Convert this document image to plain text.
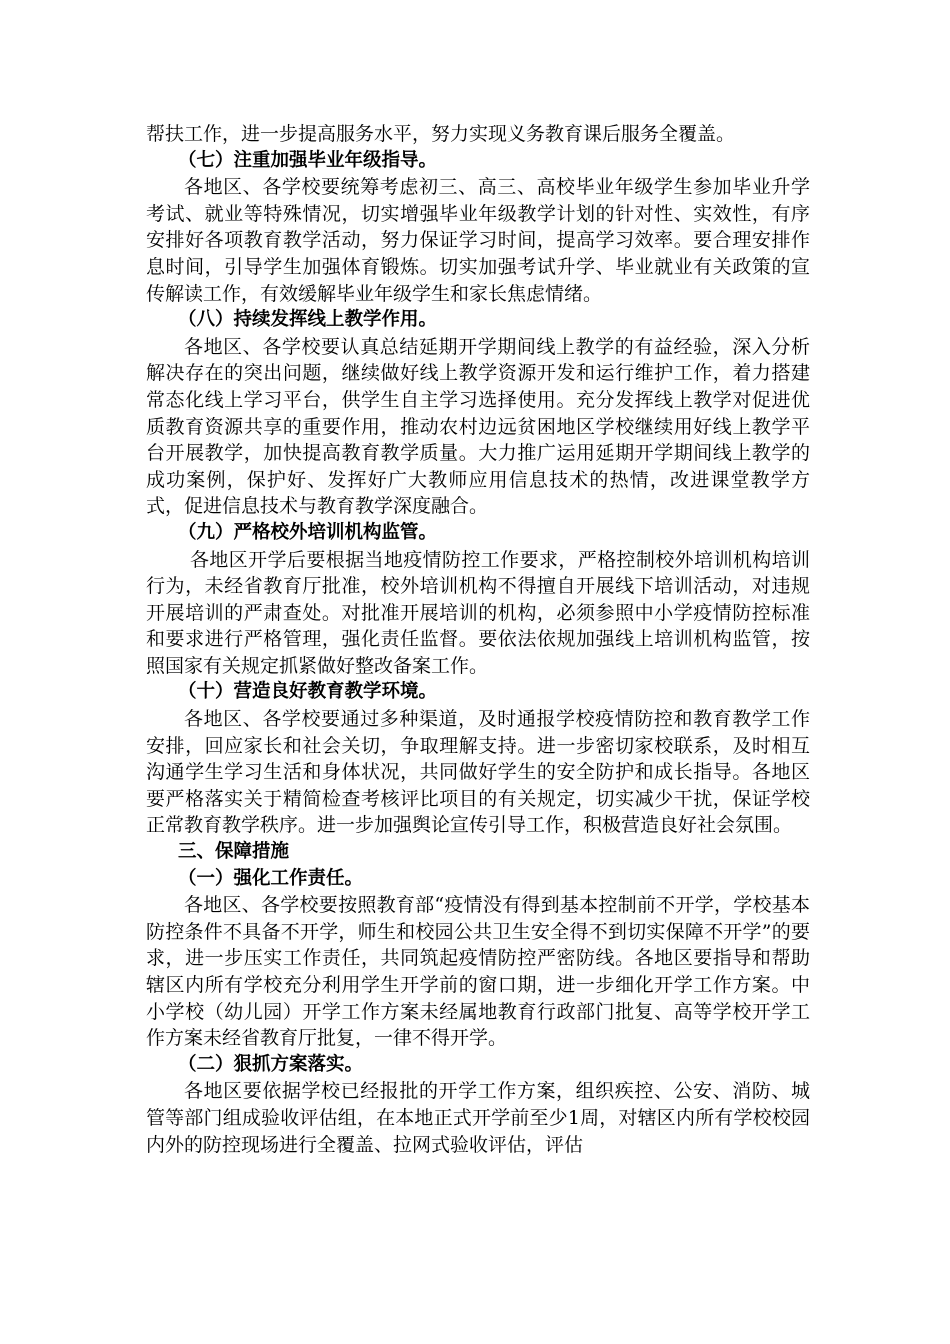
帮扶工作，进一步提高服务水平，努力实现义务教育课后服务全覆盖。

（七）注重加强毕业年级指导。

各地区、各学校要统筹考虑初三、高三、高校毕业年级学生参加毕业升学考试、就业等特殊情况，切实增强毕业年级教学计划的针对性、实效性，有序安排好各项教育教学活动，努力保证学习时间，提高学习效率。要合理安排作息时间，引导学生加强体育锻炼。切实加强考试升学、毕业就业有关政策的宣传解读工作，有效缓解毕业年级学生和家长焦虑情绪。

（八）持续发挥线上教学作用。

各地区、各学校要认真总结延期开学期间线上教学的有益经验，深入分析解决存在的突出问题，继续做好线上教学资源开发和运行维护工作，着力搭建常态化线上学习平台，供学生自主学习选择使用。充分发挥线上教学对促进优质教育资源共享的重要作用，推动农村边远贫困地区学校继续用好线上教学平台开展教学，加快提高教育教学质量。大力推广运用延期开学期间线上教学的成功案例，保护好、发挥好广大教师应用信息技术的热情，改进课堂教学方式，促进信息技术与教育教学深度融合。

（九）严格校外培训机构监管。

各地区开学后要根据当地疫情防控工作要求，严格控制校外培训机构培训行为，未经省教育厅批准，校外培训机构不得擅自开展线下培训活动，对违规开展培训的严肃查处。对批准开展培训的机构，必须参照中小学疫情防控标准和要求进行严格管理，强化责任监督。要依法依规加强线上培训机构监管，按照国家有关规定抓紧做好整改备案工作。

（十）营造良好教育教学环境。

各地区、各学校要通过多种渠道，及时通报学校疫情防控和教育教学工作安排，回应家长和社会关切，争取理解支持。进一步密切家校联系，及时相互沟通学生学习生活和身体状况，共同做好学生的安全防护和成长指导。各地区要严格落实关于精简检查考核评比项目的有关规定，切实减少干扰，保证学校正常教育教学秩序。进一步加强舆论宣传引导工作，积极营造良好社会氛围。

三、保障措施

（一）强化工作责任。

各地区、各学校要按照教育部“疫情没有得到基本控制前不开学，学校基本防控条件不具备不开学，师生和校园公共卫生安全得不到切实保障不开学”的要求，进一步压实工作责任，共同筑起疫情防控严密防线。各地区要指导和帮助辖区内所有学校充分利用学生开学前的窗口期，进一步细化开学工作方案。中小学校（幼儿园）开学工作方案未经属地教育行政部门批复、高等学校开学工作方案未经省教育厅批复，一律不得开学。

（二）狠抓方案落实。

各地区要依据学校已经报批的开学工作方案，组织疾控、公安、消防、城管等部门组成验收评估组，在本地正式开学前至少1周，对辖区内所有学校校园内外的防控现场进行全覆盖、拉网式验收评估，评估
